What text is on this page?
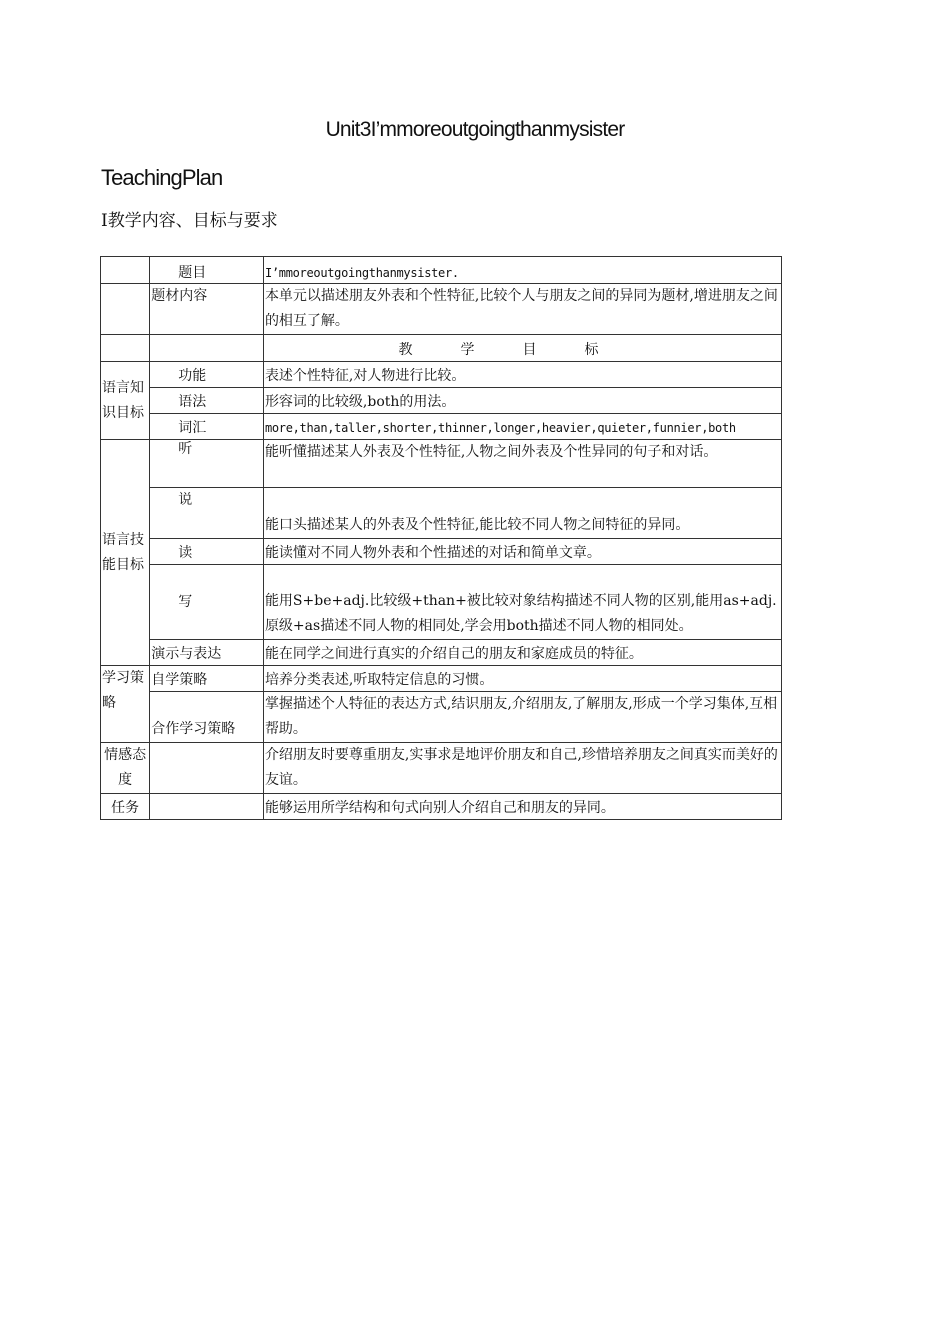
Unit3I’mmoreoutgoingthanmysister
TeachingPlan
I教学内容、目标与要求
	题目	I’mmoreoutgoingthanmysister.
	题材内容	本单元以描述朋友外表和个性特征,比较个人与朋友之间的异同为题材,增进朋友之间的相互了解。
		教学目标
语言知识目标	功能	表述个性特征,对人物进行比较。
	语法	形容词的比较级,both的用法。
	词汇	more,than,taller,shorter,thinner,longer,heavier,quieter,funnier,both
语言技能目标	听	能听懂描述某人外表及个性特征,人物之间外表及个性异同的句子和对话。
	说	能口头描述某人的外表及个性特征,能比较不同人物之间特征的异同。
	读	能读懂对不同人物外表和个性描述的对话和简单文章。
	写	能用S+be+adj.比较级+than+被比较对象结构描述不同人物的区别,能用as+adj.原级+as描述不同人物的相同处,学会用both描述不同人物的相同处。
	演示与表达	能在同学之间进行真实的介绍自己的朋友和家庭成员的特征。
学习策略	自学策略	培养分类表述,听取特定信息的习惯。
	合作学习策略	掌握描述个人特征的表达方式,结识朋友,介绍朋友,了解朋友,形成一个学习集体,互相帮助。
情感态度		介绍朋友时要尊重朋友,实事求是地评价朋友和自己,珍惜培养朋友之间真实而美好的友谊。
任务		能够运用所学结构和句式向别人介绍自己和朋友的异同。
